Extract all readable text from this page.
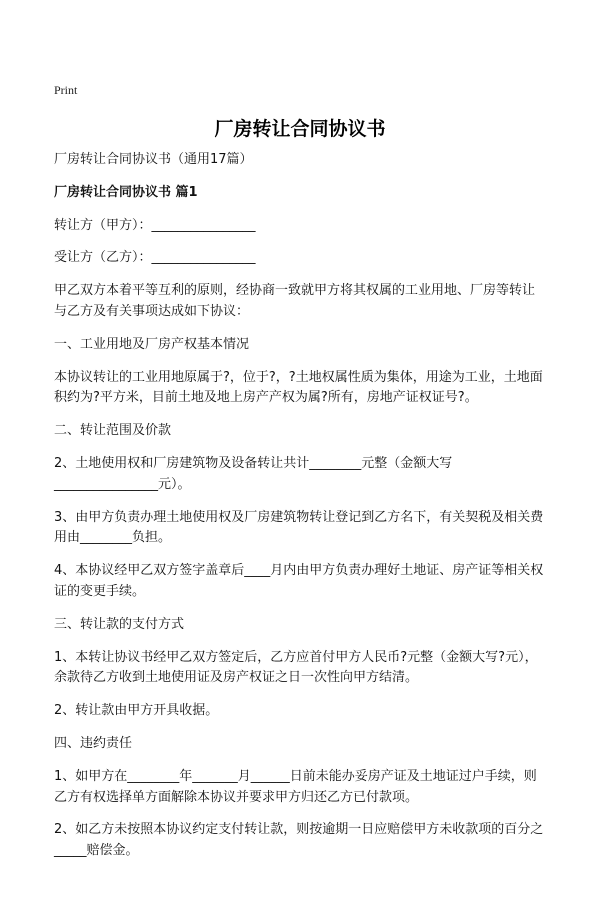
Print
厂房转让合同协议书
厂房转让合同协议书（通用17篇）
厂房转让合同协议书 篇1
转让方（甲方）：________________
受让方（乙方）：________________
甲乙双方本着平等互利的原则，经协商一致就甲方将其权属的工业用地、厂房等转让与乙方及有关事项达成如下协议：
一、工业用地及厂房产权基本情况
本协议转让的工业用地原属于?，位于?，?土地权属性质为集体，用途为工业，土地面积约为?平方米，目前土地及地上房产产权为属?所有，房地产证权证号?。
二、转让范围及价款
2、土地使用权和厂房建筑物及设备转让共计________元整（金额大写________________元）。
3、由甲方负责办理土地使用权及厂房建筑物转让登记到乙方名下，有关契税及相关费用由________负担。
4、本协议经甲乙双方签字盖章后____月内由甲方负责办理好土地证、房产证等相关权证的变更手续。
三、转让款的支付方式
1、本转让协议书经甲乙双方签定后，乙方应首付甲方人民币?元整（金额大写?元），余款待乙方收到土地使用证及房产权证之日一次性向甲方结清。
2、转让款由甲方开具收据。
四、违约责任
1、如甲方在________年_______月______日前未能办妥房产证及土地证过户手续，则乙方有权选择单方面解除本协议并要求甲方归还乙方已付款项。
2、如乙方未按照本协议约定支付转让款，则按逾期一日应赔偿甲方未收款项的百分之_____赔偿金。
